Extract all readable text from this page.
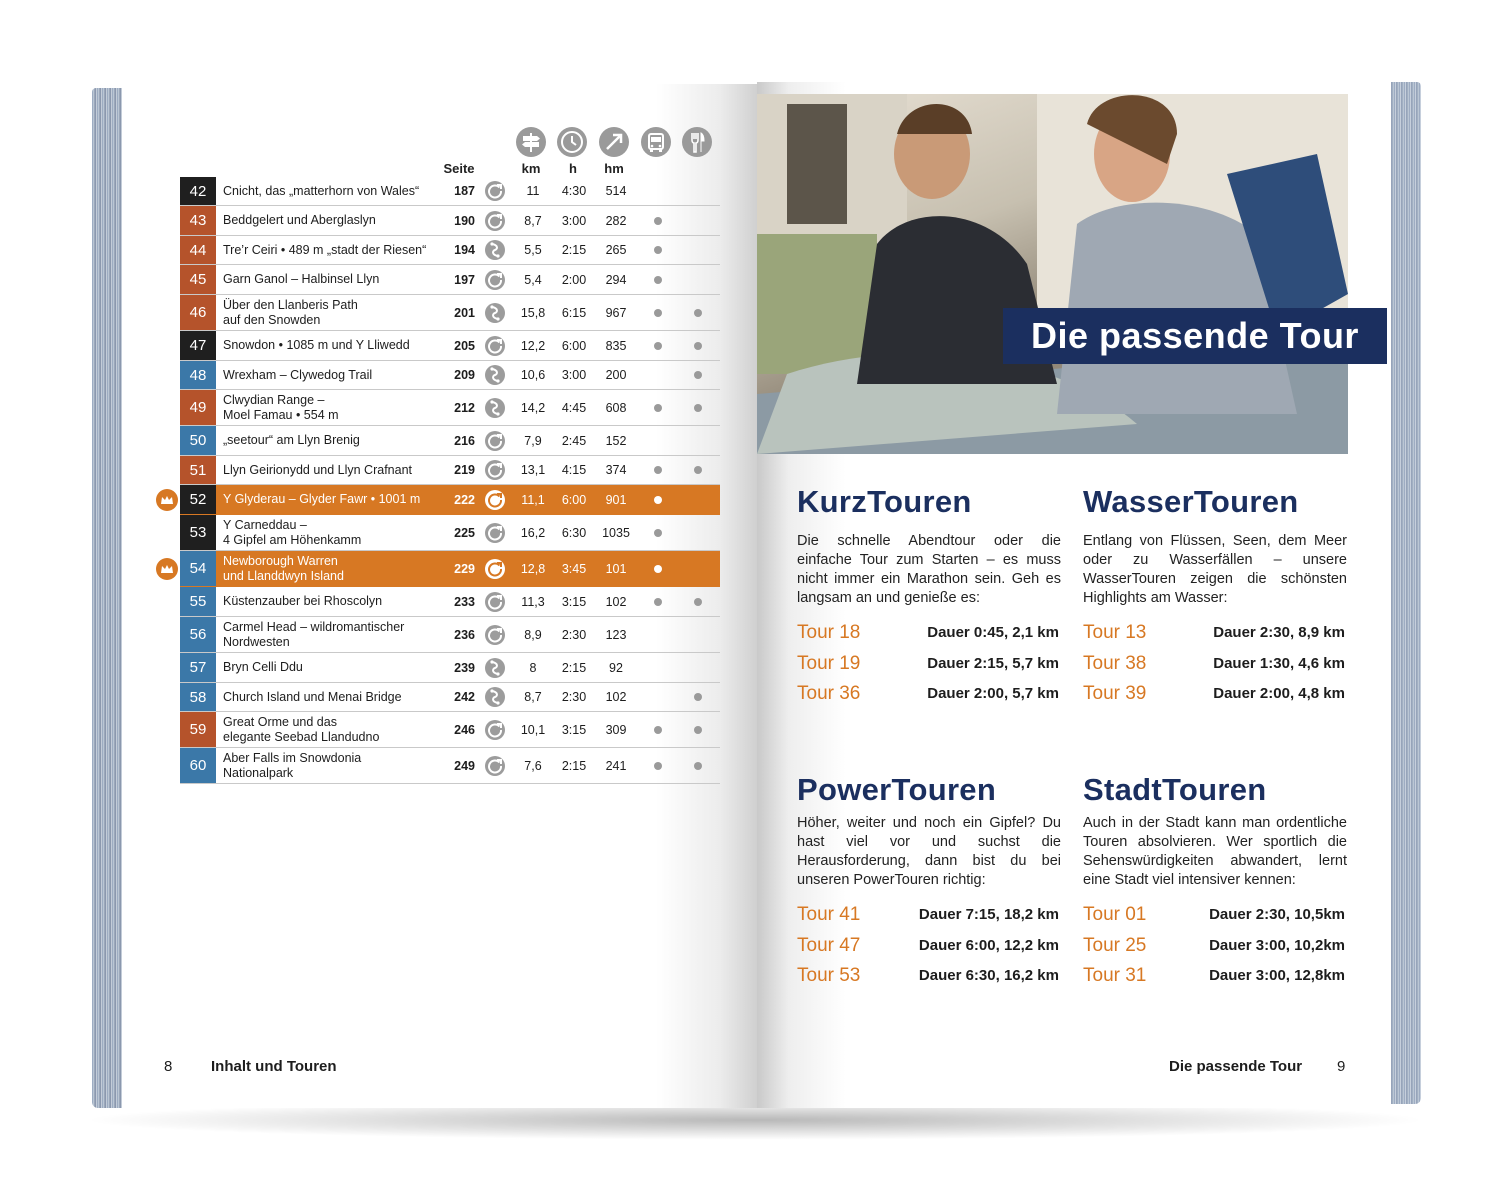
Seite	km	h	hm
42	Cnicht, das „matterhorn von Wales“	187	11	4:30	514
43	Beddgelert und Aberglaslyn	190	8,7	3:00	282
44	Tre’r Ceiri • 489 m „stadt der Riesen“	194	5,5	2:15	265
45	Garn Ganol – Halbinsel Llyn	197	5,4	2:00	294
46	Über den Llanberis Path
auf den Snowden	201	15,8	6:15	967
47	Snowdon • 1085 m und Y Lliwedd	205	12,2	6:00	835
48	Wrexham – Clywedog Trail	209	10,6	3:00	200
49	Clwydian Range –
Moel Famau • 554 m	212	14,2	4:45	608
50	„seetour“ am Llyn Brenig	216	7,9	2:45	152
51	Llyn Geirionydd und Llyn Crafnant	219	13,1	4:15	374
52	Y Glyderau – Glyder Fawr • 1001 m	222	11,1	6:00	901
53	Y Carneddau –
4 Gipfel am Höhenkamm	225	16,2	6:30	1035
54	Newborough Warren
und Llanddwyn Island	229	12,8	3:45	101
55	Küstenzauber bei Rhoscolyn	233	11,3	3:15	102
56	Carmel Head – wildromantischer
Nordwesten	236	8,9	2:30	123
57	Bryn Celli Ddu	239	8	2:15	92
58	Church Island und Menai Bridge	242	8,7	2:30	102
59	Great Orme und das
elegante Seebad Llandudno	246	10,1	3:15	309
60	Aber Falls im Snowdonia
Nationalpark	249	7,6	2:15	241
Die passende Tour
KurzTouren
Die schnelle Abendtour oder die einfache Tour zum Starten – es muss nicht immer ein Marathon sein. Geh es langsam an und genieße es:
Tour 18	Dauer 0:45, 2,1 km
Tour 19	Dauer 2:15, 5,7 km
Tour 36	Dauer 2:00, 5,7 km
WasserTouren
Entlang von Flüssen, Seen, dem Meer oder zu Wasserfällen – unsere WasserTouren zeigen die schönsten Highlights am Wasser:
Tour 13	Dauer 2:30, 8,9 km
Tour 38	Dauer 1:30, 4,6 km
Tour 39	Dauer 2:00, 4,8 km
PowerTouren
Höher, weiter und noch ein Gipfel? Du hast viel vor und suchst die Herausforderung, dann bist du bei unseren PowerTouren richtig:
Tour 41	Dauer 7:15, 18,2 km
Tour 47	Dauer 6:00, 12,2 km
Tour 53	Dauer 6:30, 16,2 km
StadtTouren
Auch in der Stadt kann man ordentliche Touren absolvieren. Wer sportlich die Sehenswürdigkeiten abwandert, lernt eine Stadt viel intensiver kennen:
Tour 01	Dauer 2:30, 10,5km
Tour 25	Dauer 3:00, 10,2km
Tour 31	Dauer 3:00, 12,8km
8	Inhalt und Touren	Die passende Tour 9
